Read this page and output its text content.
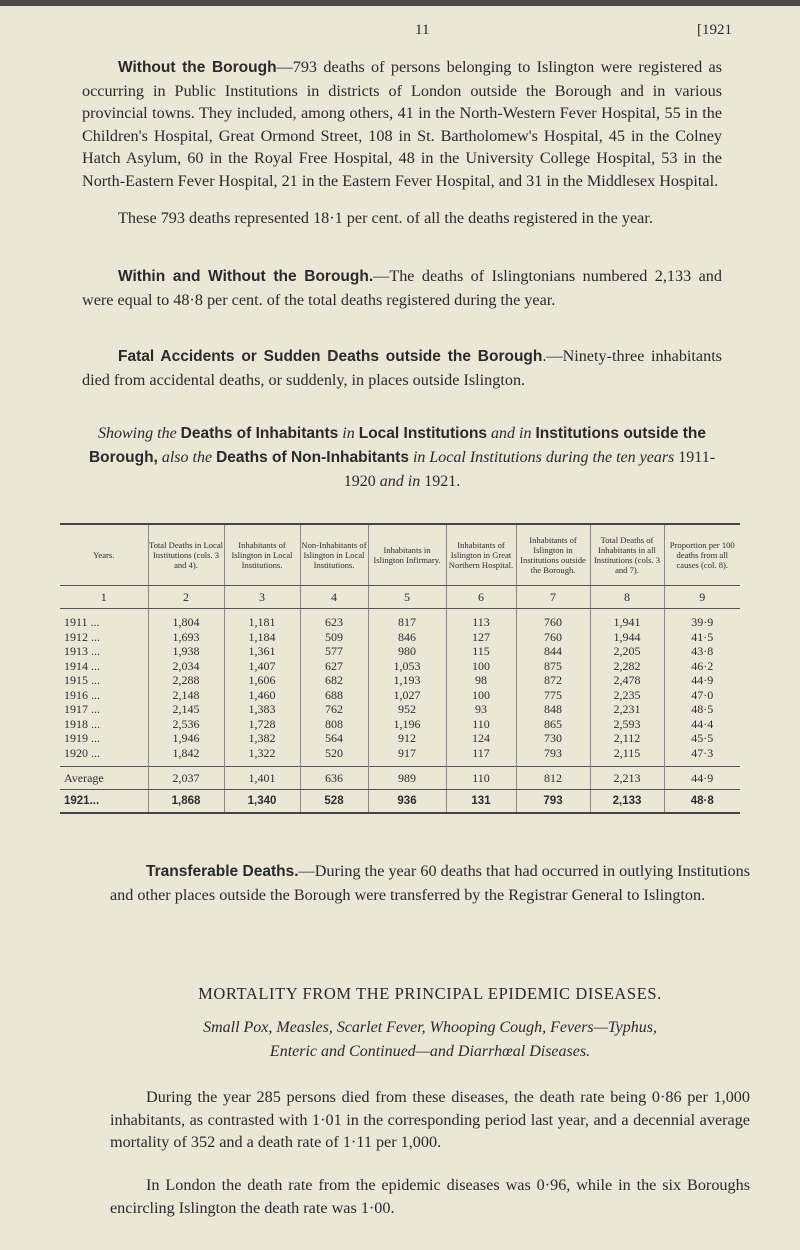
11	[1921

Without the Borough—793 deaths of persons belonging to Islington were registered as occurring in Public Institutions in districts of London outside the Borough and in various provincial towns. They included, among others, 41 in the North-Western Fever Hospital, 55 in the Children's Hospital, Great Ormond Street, 108 in St. Bartholomew's Hospital, 45 in the Colney Hatch Asylum, 60 in the Royal Free Hospital, 48 in the University College Hospital, 53 in the North-Eastern Fever Hospital, 21 in the Eastern Fever Hospital, and 31 in the Middlesex Hospital.

These 793 deaths represented 18·1 per cent. of all the deaths registered in the year.

Within and Without the Borough.—The deaths of Islingtonians numbered 2,133 and were equal to 48·8 per cent. of the total deaths registered during the year.

Fatal Accidents or Sudden Deaths outside the Borough.—Ninety-three inhabitants died from accidental deaths, or suddenly, in places outside Islington.

Showing the Deaths of Inhabitants in Local Institutions and in Institutions outside the Borough, also the Deaths of Non-Inhabitants in Local Institutions during the ten years 1911-1920 and in 1921.
Years.	Total Deaths in Local Institutions (cols. 3 and 4).	Inhabitants of Islington in Local Institutions.	Non-Inhabitants of Islington in Local Institutions.	Inhabitants in Islington Infirmary.	Inhabitants of Islington in Great Northern Hospital.	Inhabitants of Islington in Institutions outside the Borough.	Total Deaths of Inhabitants in all Institutions (cols. 3 and 7).	Proportion per 100 deaths from all causes (col. 8).
1	2	3	4	5	6	7	8	9

1911 ...	1,804	1,181	623	817	113	760	1,941	39·9
1912 ...	1,693	1,184	509	846	127	760	1,944	41·5
1913 ...	1,938	1,361	577	980	115	844	2,205	43·8
1914 ...	2,034	1,407	627	1,053	100	875	2,282	46·2
1915 ...	2,288	1,606	682	1,193	98	872	2,478	44·9
1916 ...	2,148	1,460	688	1,027	100	775	2,235	47·0
1917 ...	2,145	1,383	762	952	93	848	2,231	48·5
1918 ...	2,536	1,728	808	1,196	110	865	2,593	44·4
1919 ...	1,946	1,382	564	912	124	730	2,112	45·5
1920 ...	1,842	1,322	520	917	117	793	2,115	47·3

Average	2,037	1,401	636	989	110	812	2,213	44·9
1921...	1,868	1,340	528	936	131	793	2,133	48·8

Transferable Deaths.—During the year 60 deaths that had occurred in outlying Institutions and other places outside the Borough were transferred by the Registrar General to Islington.

MORTALITY FROM THE PRINCIPAL EPIDEMIC DISEASES.
Small Pox, Measles, Scarlet Fever, Whooping Cough, Fevers—Typhus,
Enteric and Continued—and Diarrhœal Diseases.

During the year 285 persons died from these diseases, the death rate being 0·86 per 1,000 inhabitants, as contrasted with 1·01 in the corresponding period last year, and a decennial average mortality of 352 and a death rate of 1·11 per 1,000.

In London the death rate from the epidemic diseases was 0·96, while in the six Boroughs encircling Islington the death rate was 1·00.
